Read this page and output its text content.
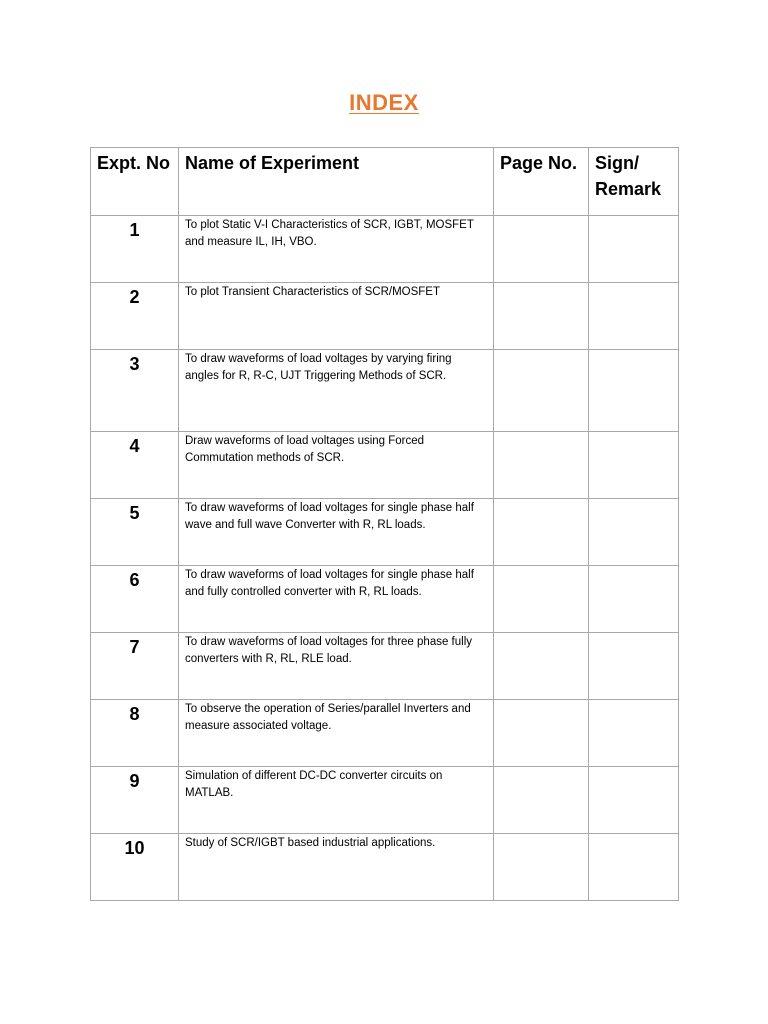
INDEX
Expt. No	Name of Experiment	Page No.	Sign/ Remark

1	To plot Static V-I Characteristics of SCR, IGBT, MOSFET and measure IL, IH, VBO.		

2	To plot Transient Characteristics of SCR/MOSFET		

3	To draw waveforms of load voltages by varying firing angles for R, R-C, UJT Triggering Methods of SCR.		

4	Draw waveforms of load voltages using Forced Commutation methods of SCR.		

5	To draw waveforms of load voltages for single phase half wave and full wave Converter with R, RL loads.		

6	To draw waveforms of load voltages for single phase half and fully controlled converter with R, RL loads.		

7	To draw waveforms of load voltages for three phase fully converters with R, RL, RLE load.		

8	To observe the operation of Series/parallel Inverters and measure associated voltage.		

9	Simulation of different DC-DC converter circuits on MATLAB.		

10	Study of SCR/IGBT based industrial applications.		
